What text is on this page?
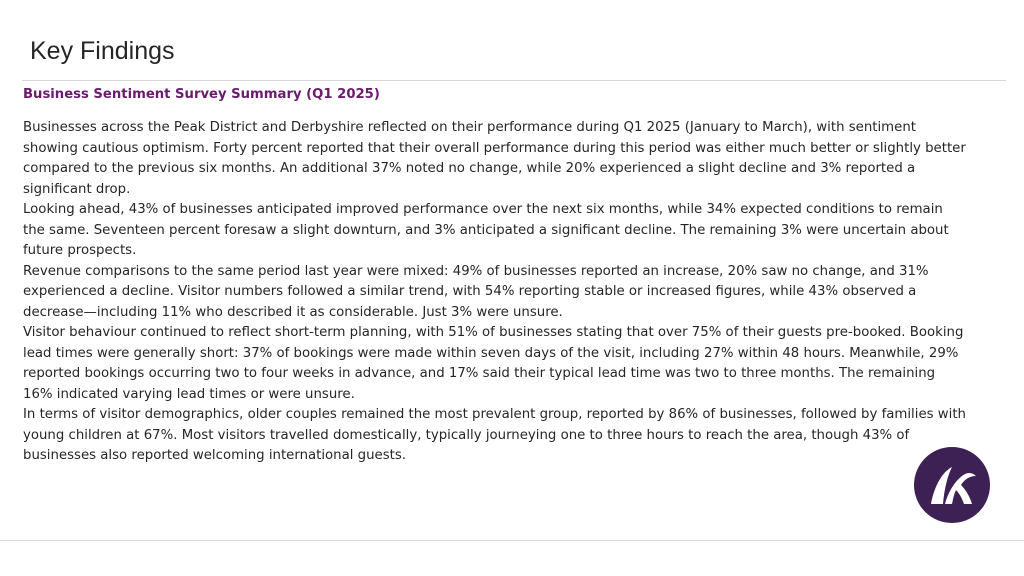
Key Findings
Business Sentiment Survey Summary (Q1 2025)

Businesses across the Peak District and Derbyshire reflected on their performance during Q1 2025 (January to March), with sentiment showing cautious optimism. Forty percent reported that their overall performance during this period was either much better or slightly better compared to the previous six months. An additional 37% noted no change, while 20% experienced a slight decline and 3% reported a significant drop.

Looking ahead, 43% of businesses anticipated improved performance over the next six months, while 34% expected conditions to remain the same. Seventeen percent foresaw a slight downturn, and 3% anticipated a significant decline. The remaining 3% were uncertain about future prospects.

Revenue comparisons to the same period last year were mixed: 49% of businesses reported an increase, 20% saw no change, and 31% experienced a decline. Visitor numbers followed a similar trend, with 54% reporting stable or increased figures, while 43% observed a decrease—including 11% who described it as considerable. Just 3% were unsure.

Visitor behaviour continued to reflect short-term planning, with 51% of businesses stating that over 75% of their guests pre-booked. Booking lead times were generally short: 37% of bookings were made within seven days of the visit, including 27% within 48 hours. Meanwhile, 29% reported bookings occurring two to four weeks in advance, and 17% said their typical lead time was two to three months. The remaining 16% indicated varying lead times or were unsure.

In terms of visitor demographics, older couples remained the most prevalent group, reported by 86% of businesses, followed by families with young children at 67%. Most visitors travelled domestically, typically journeying one to three hours to reach the area, though 43% of businesses also reported welcoming international guests.
